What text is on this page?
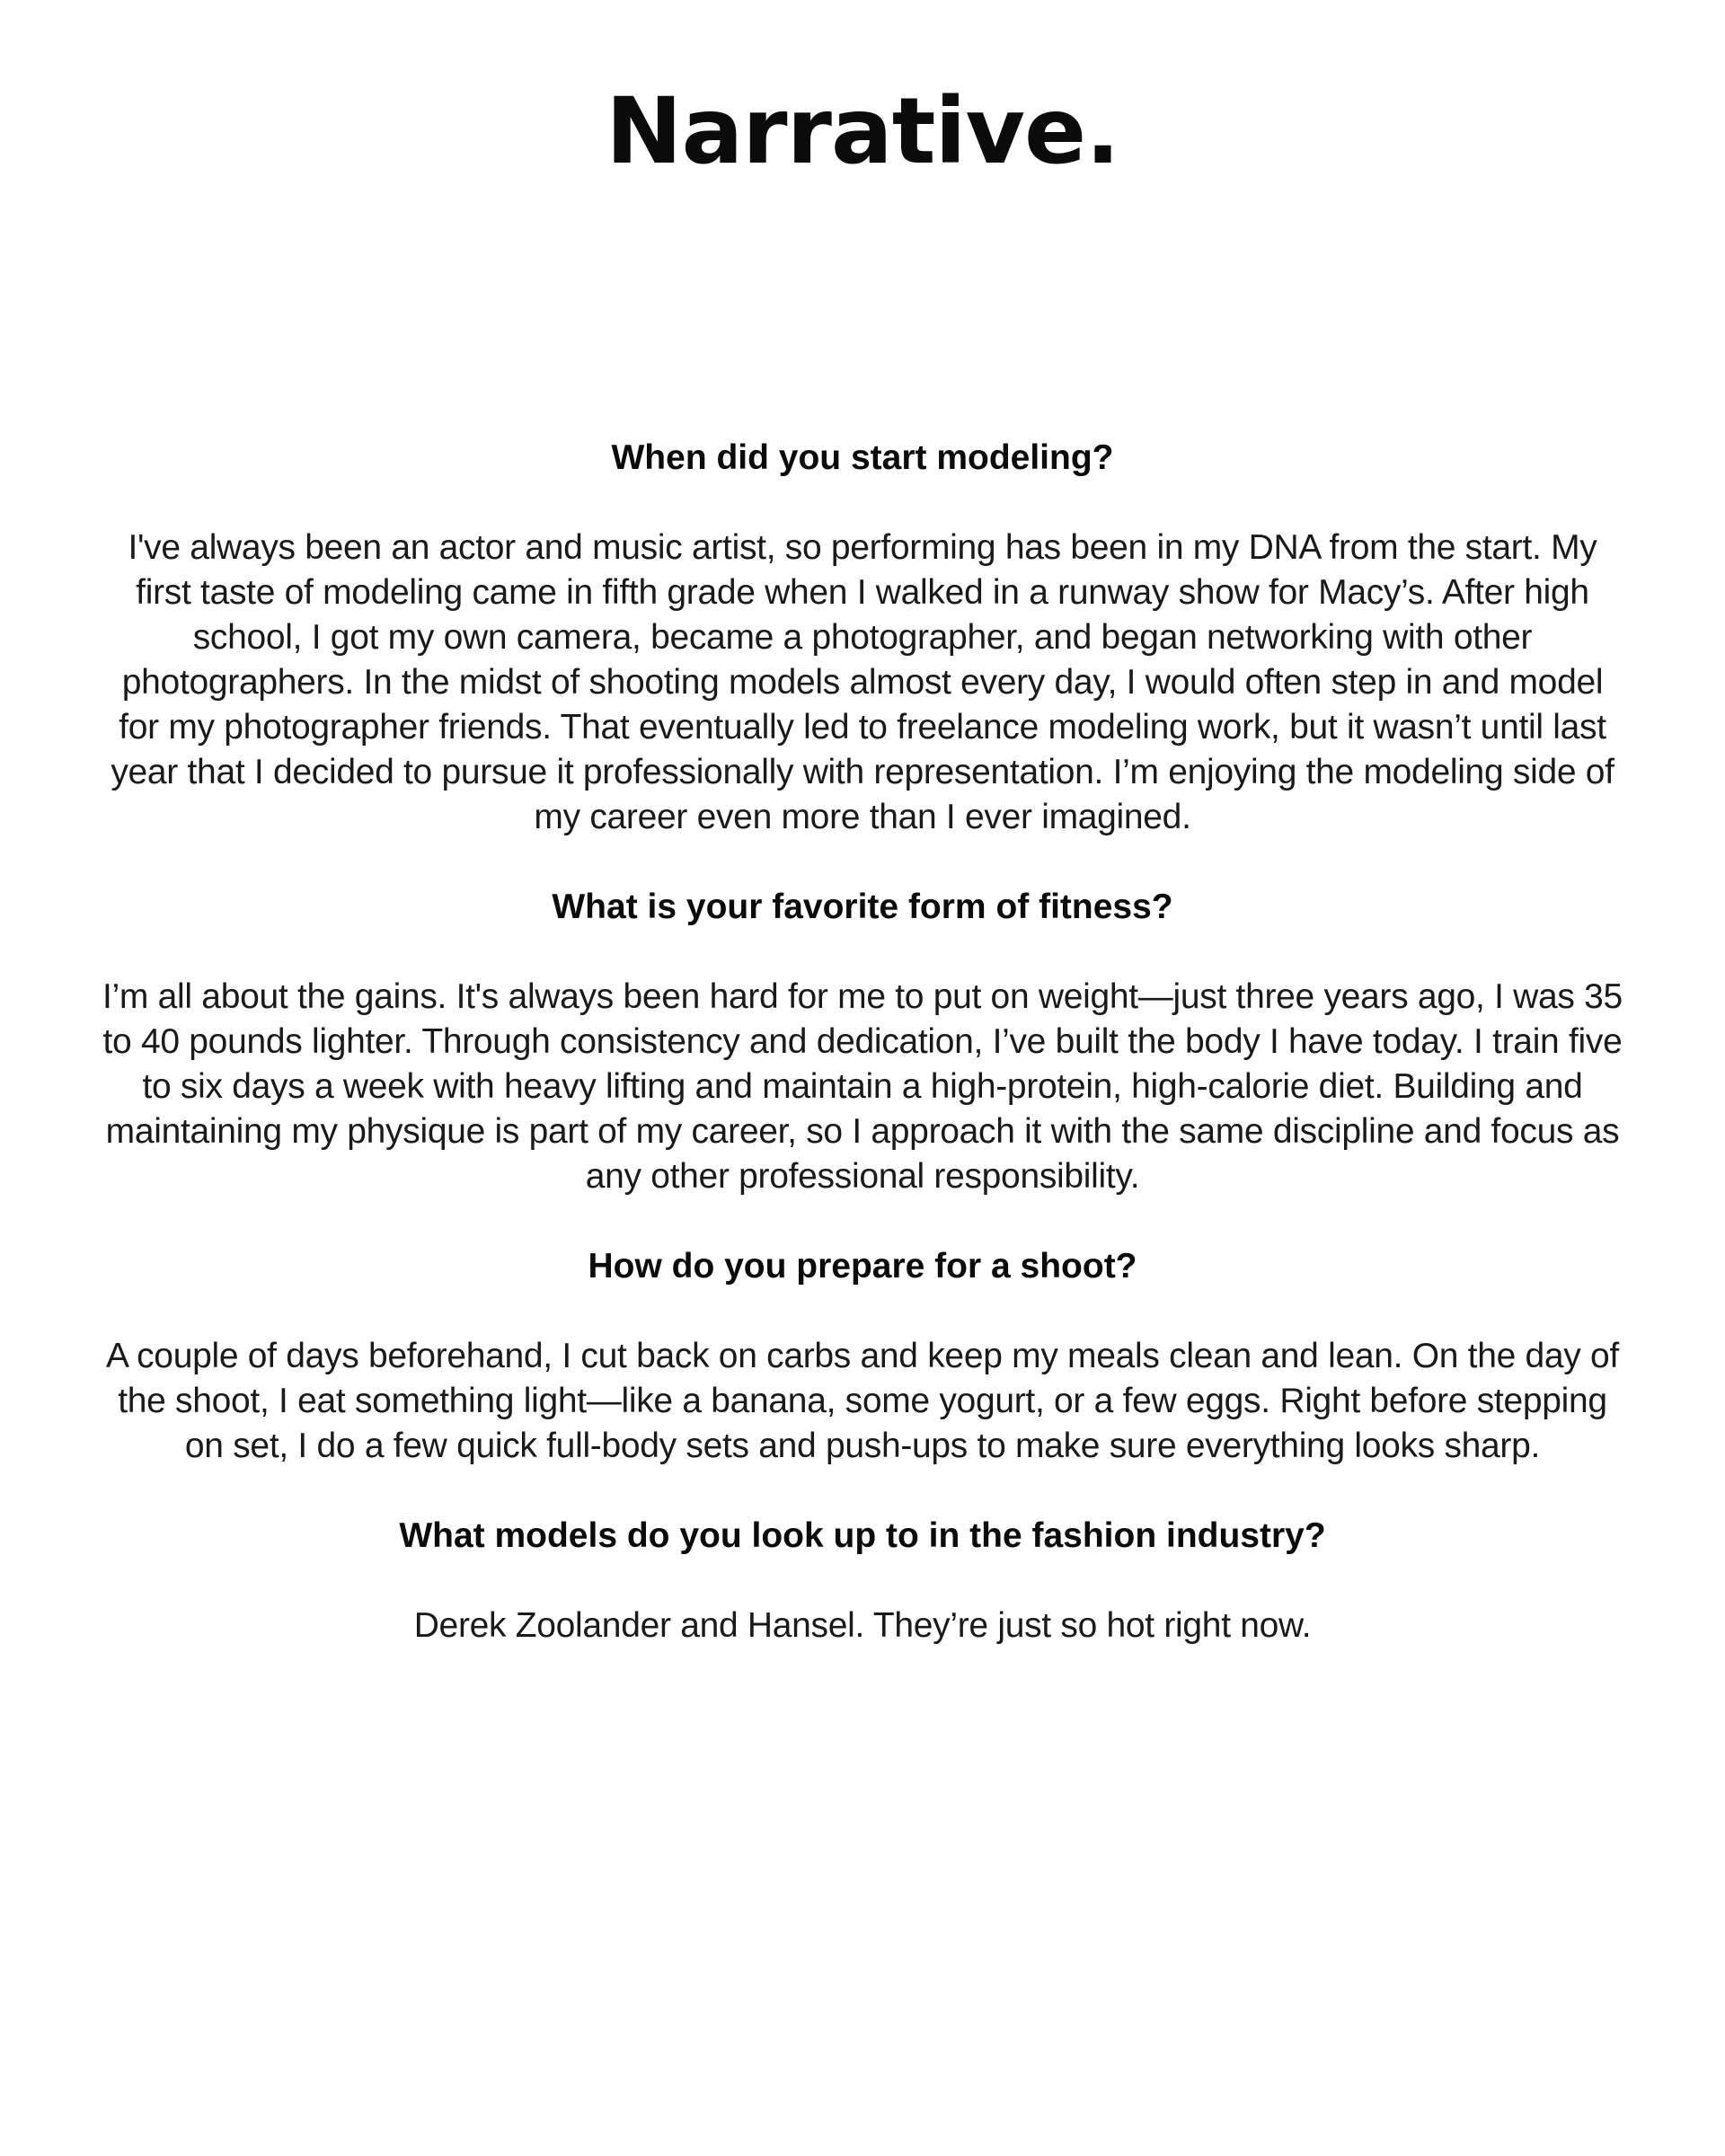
Narrative.
When did you start modeling?

I've always been an actor and music artist, so performing has been in my DNA from the start. My first taste of modeling came in fifth grade when I walked in a runway show for Macy’s. After high school, I got my own camera, became a photographer, and began networking with other photographers. In the midst of shooting models almost every day, I would often step in and model for my photographer friends. That eventually led to freelance modeling work, but it wasn’t until last year that I decided to pursue it professionally with representation. I’m enjoying the modeling side of my career even more than I ever imagined.

What is your favorite form of fitness?

I’m all about the gains. It's always been hard for me to put on weight—just three years ago, I was 35 to 40 pounds lighter. Through consistency and dedication, I’ve built the body I have today. I train five to six days a week with heavy lifting and maintain a high-protein, high-calorie diet. Building and maintaining my physique is part of my career, so I approach it with the same discipline and focus as any other professional responsibility.

How do you prepare for a shoot?

A couple of days beforehand, I cut back on carbs and keep my meals clean and lean. On the day of the shoot, I eat something light—like a banana, some yogurt, or a few eggs. Right before stepping on set, I do a few quick full-body sets and push-ups to make sure everything looks sharp.

What models do you look up to in the fashion industry?

Derek Zoolander and Hansel. They’re just so hot right now.
